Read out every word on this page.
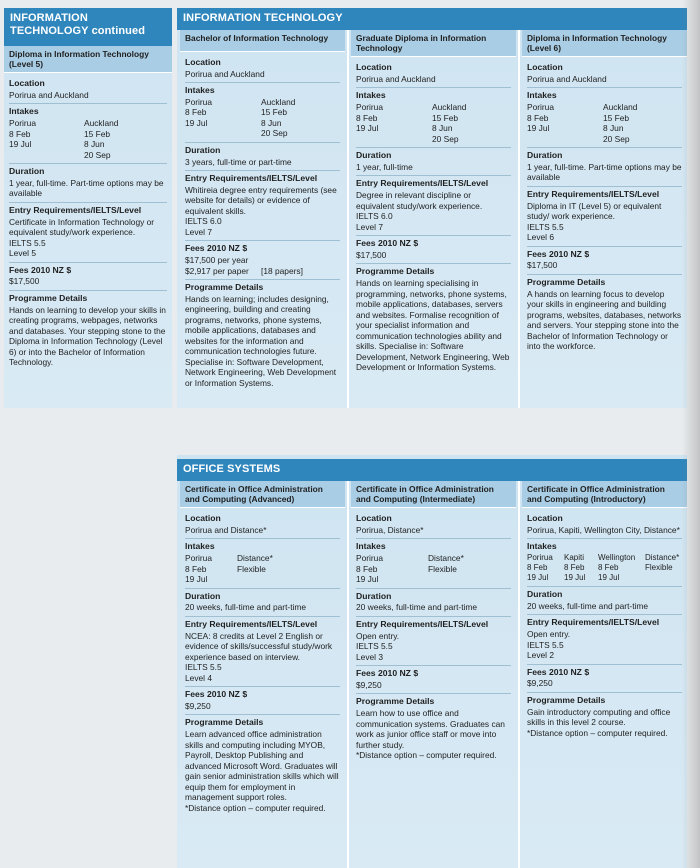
INFORMATION TECHNOLOGY continued
Diploma in Information Technology (Level 5)
Location
Porirua and Auckland
Intakes
Porirua
8 Feb
19 Jul
Auckland
15 Feb
8 Jun
20 Sep
Duration
1 year, full-time. Part-time options may be available
Entry Requirements/IELTS/Level
Certificate in Information Technology or equivalent study/work experience.
IELTS 5.5
Level 5
Fees 2010 NZ $
$17,500
Programme Details
Hands on learning to develop your skills in creating programs, webpages, networks and databases. Your stepping stone to the Diploma in Information Technology (Level 6) or into the Bachelor of Information Technology.
INFORMATION TECHNOLOGY
Bachelor of Information Technology
Location
Porirua and Auckland
Intakes
Porirua
8 Feb
19 Jul
Auckland
15 Feb
8 Jun
20 Sep
Duration
3 years, full-time or part-time
Entry Requirements/IELTS/Level
Whitireia degree entry requirements (see website for details) or evidence of equivalent skills.
IELTS 6.0
Level 7
Fees 2010 NZ $
$17,500 per year
$2,917 per paper	[18 papers]
Programme Details
Hands on learning; includes designing, engineering, building and creating programs, networks, phone systems, mobile applications, databases and websites for the information and communication technologies future. Specialise in: Software Development, Network Engineering, Web Development or Information Systems.
Graduate Diploma in Information Technology
Location
Porirua and Auckland
Intakes
Porirua
8 Feb
19 Jul
Auckland
15 Feb
8 Jun
20 Sep
Duration
1 year, full-time
Entry Requirements/IELTS/Level
Degree in relevant discipline or equivalent study/work experience.
IELTS 6.0
Level 7
Fees 2010 NZ $
$17,500
Programme Details
Hands on learning specialising in programming, networks, phone systems, mobile applications, databases, servers and websites. Formalise recognition of your specialist information and communication technologies ability and skills. Specialise in: Software Development, Network Engineering, Web Development or Information Systems.
Diploma in Information Technology (Level 6)
Location
Porirua and Auckland
Intakes
Porirua
8 Feb
19 Jul
Auckland
15 Feb
8 Jun
20 Sep
Duration
1 year, full-time. Part-time options may be available
Entry Requirements/IELTS/Level
Diploma in IT (Level 5) or equivalent study/ work experience.
IELTS 5.5
Level 6
Fees 2010 NZ $
$17,500
Programme Details
A hands on learning focus to develop your skills in engineering and building programs, websites, databases, networks and servers. Your stepping stone into the Bachelor of Information Technology or into the workforce.
OFFICE SYSTEMS
Certificate in Office Administration and Computing (Advanced)
Location
Porirua and Distance*
Intakes
Porirua
8 Feb
19 Jul
Distance*
Flexible
Duration
20 weeks, full-time and part-time
Entry Requirements/IELTS/Level
NCEA: 8 credits at Level 2 English or evidence of skills/successful study/work experience based on interview.
IELTS 5.5
Level 4
Fees 2010 NZ $
$9,250
Programme Details
Learn advanced office administration skills and computing including MYOB, Payroll, Desktop Publishing and advanced Microsoft Word. Graduates will gain senior administration skills which will equip them for employment in management support roles.
*Distance option – computer required.
Certificate in Office Administration and Computing (Intermediate)
Location
Porirua, Distance*
Intakes
Porirua
8 Feb
19 Jul
Distance*
Flexible
Duration
20 weeks, full-time and part-time
Entry Requirements/IELTS/Level
Open entry.
IELTS 5.5
Level 3
Fees 2010 NZ $
$9,250
Programme Details
Learn how to use office and communication systems. Graduates can work as junior office staff or move into further study.
*Distance option – computer required.
Certificate in Office Administration and Computing (Introductory)
Location
Porirua, Kapiti, Wellington City, Distance*
Intakes
Porirua
8 Feb
19 Jul
Kapiti
8 Feb
19 Jul
Wellington
8 Feb
19 Jul
Distance*
Flexible
Duration
20 weeks, full-time and part-time
Entry Requirements/IELTS/Level
Open entry.
IELTS 5.5
Level 2
Fees 2010 NZ $
$9,250
Programme Details
Gain introductory computing and office skills in this level 2 course.
*Distance option – computer required.
